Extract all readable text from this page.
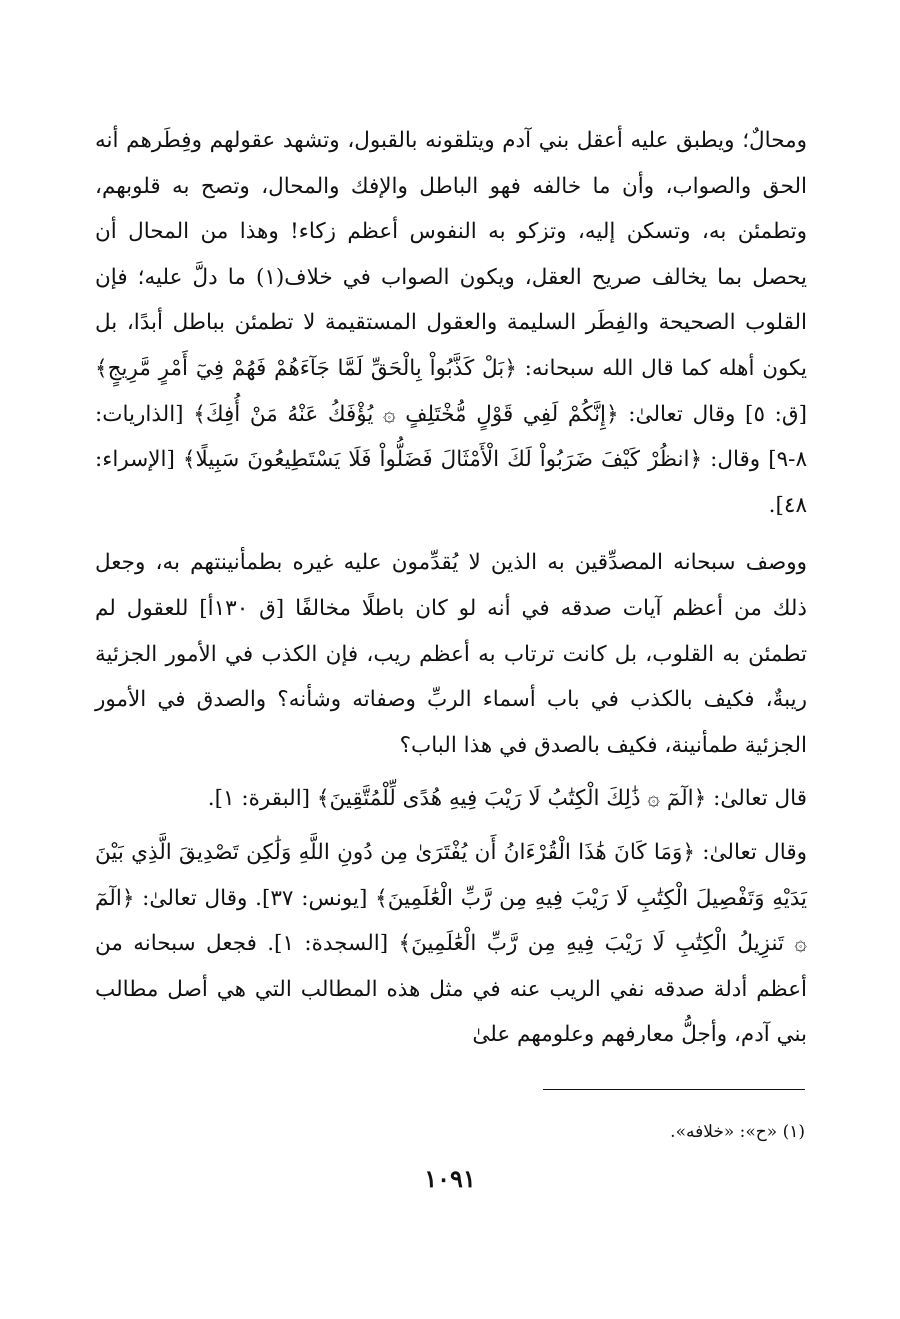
ومحالٌ؛ ويطبق عليه أعقل بني آدم ويتلقونه بالقبول، وتشهد عقولهم وفِطَرهم أنه الحق والصواب، وأن ما خالفه فهو الباطل والإفك والمحال، وتصح به قلوبهم، وتطمئن به، وتسكن إليه، وتزكو به النفوس أعظم زكاء! وهذا من المحال أن يحصل بما يخالف صريح العقل، ويكون الصواب في خلاف(١) ما دلَّ عليه؛ فإن القلوب الصحيحة والفِطَر السليمة والعقول المستقيمة لا تطمئن بباطل أبدًا، بل يكون أهله كما قال الله سبحانه: ﴿بَلْ كَذَّبُواْ بِالْحَقِّ لَمَّا جَآءَهُمْ فَهُمْ فِيٓ أَمْرٍ مَّرِيجٍ﴾ [ق: ٥] وقال تعالىٰ: ﴿إِنَّكُمْ لَفِي قَوْلٍ مُّخْتَلِفٍ ۞ يُؤْفَكُ عَنْهُ مَنْ أُفِكَ﴾ [الذاريات: ٨-٩] وقال: ﴿انظُرْ كَيْفَ ضَرَبُواْ لَكَ الْأَمْثَالَ فَضَلُّواْ فَلَا يَسْتَطِيعُونَ سَبِيلًا﴾ [الإسراء: ٤٨].

ووصف سبحانه المصدِّقين به الذين لا يُقدِّمون عليه غيره بطمأنينتهم به، وجعل ذلك من أعظم آيات صدقه في أنه لو كان باطلًا مخالفًا [ق ١٣٠أ] للعقول لم تطمئن به القلوب، بل كانت ترتاب به أعظم ريب، فإن الكذب في الأمور الجزئية ريبةٌ، فكيف بالكذب في باب أسماء الربِّ وصفاته وشأنه؟ والصدق في الأمور الجزئية طمأنينة، فكيف بالصدق في هذا الباب؟

قال تعالىٰ: ﴿الٓمٓ ۞ ذَٰلِكَ الْكِتَٰبُ لَا رَيْبَ فِيهِ هُدًى لِّلْمُتَّقِينَ﴾ [البقرة: ١].

وقال تعالىٰ: ﴿وَمَا كَانَ هَٰذَا الْقُرْءَانُ أَن يُفْتَرَىٰ مِن دُونِ اللَّهِ وَلَٰكِن تَصْدِيقَ الَّذِي بَيْنَ يَدَيْهِ وَتَفْصِيلَ الْكِتَٰبِ لَا رَيْبَ فِيهِ مِن رَّبِّ الْعَٰلَمِينَ﴾ [يونس: ٣٧]. وقال تعالىٰ: ﴿الٓمٓ ۞ تَنزِيلُ الْكِتَٰبِ لَا رَيْبَ فِيهِ مِن رَّبِّ الْعَٰلَمِينَ﴾ [السجدة: ١]. فجعل سبحانه من أعظم أدلة صدقه نفي الريب عنه في مثل هذه المطالب التي هي أصل مطالب بني آدم، وأجلُّ معارفهم وعلومهم علىٰ

(١) «ح»: «خلافه».
١٠٩١
